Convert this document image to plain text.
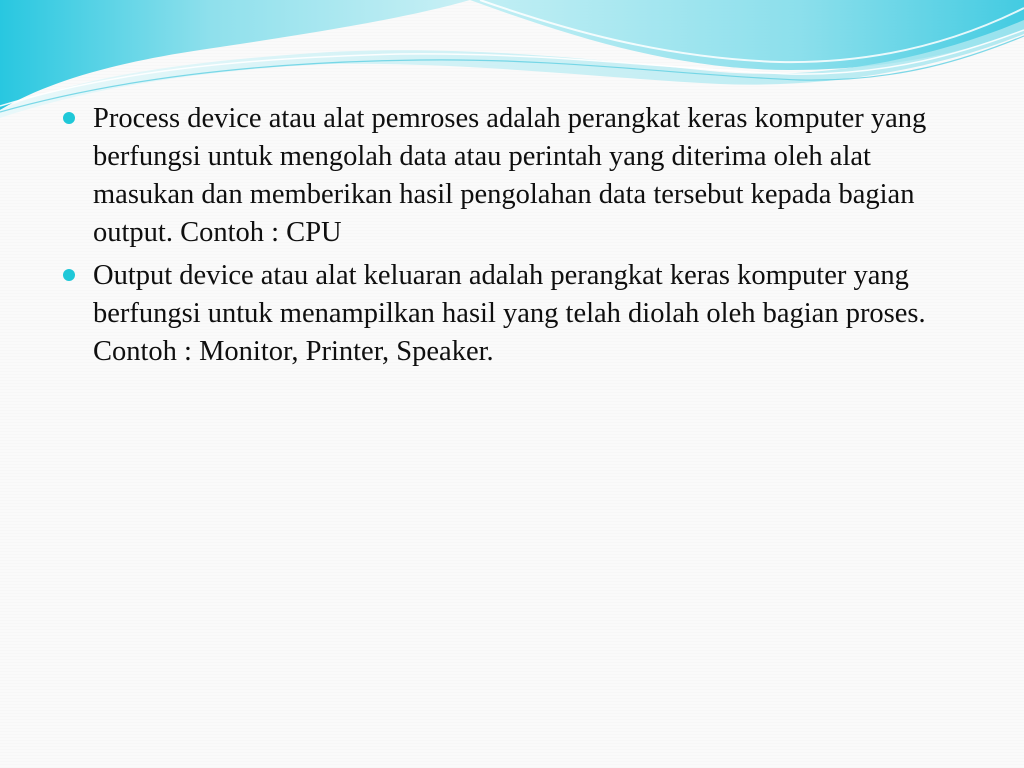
Process device atau alat pemroses adalah perangkat keras komputer yang berfungsi untuk mengolah data atau perintah yang diterima oleh alat masukan dan memberikan hasil pengolahan data tersebut kepada bagian output. Contoh : CPU
Output device atau alat keluaran adalah perangkat keras komputer yang berfungsi untuk menampilkan hasil yang telah diolah oleh bagian proses. Contoh : Monitor, Printer, Speaker.
